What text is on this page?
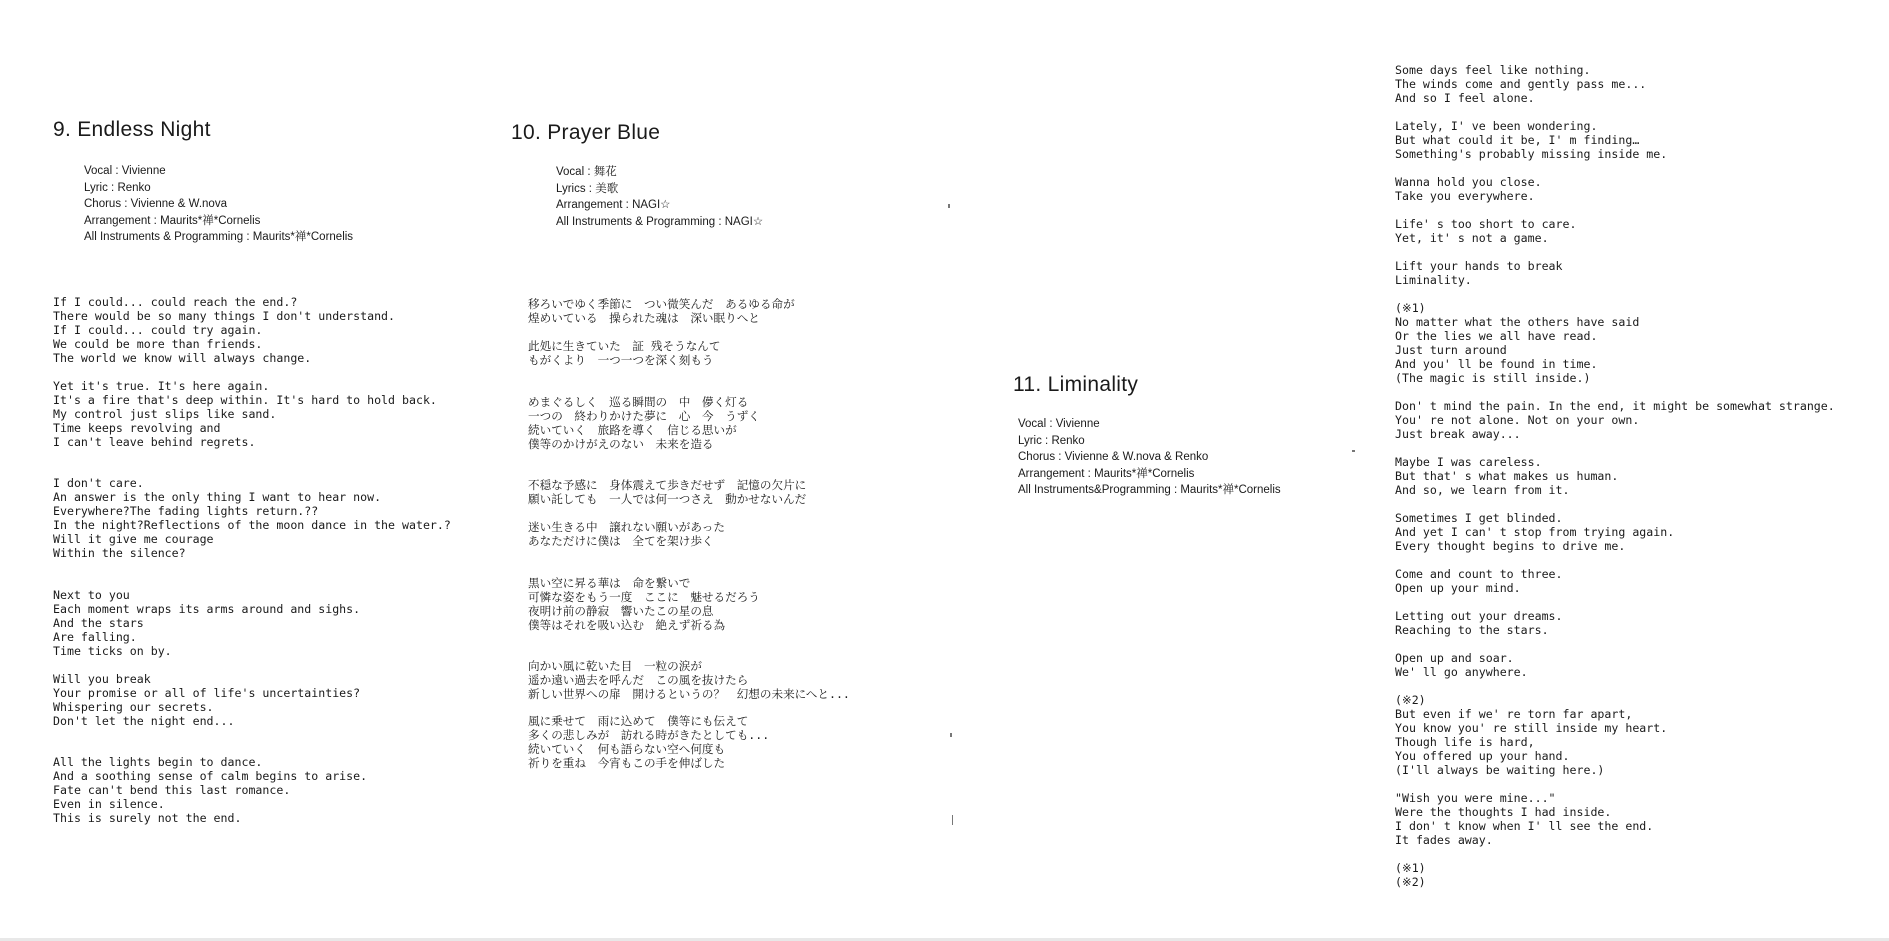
9. Endless Night
Vocal : Vivienne
Lyric : Renko
Chorus : Vivienne & W.nova
Arrangement : Maurits*禅*Cornelis
All Instruments & Programming : Maurits*禅*Cornelis

If I could... could reach the end.?
There would be so many things I don't understand.
If I could... could try again.
We could be more than friends.
The world we know will always change.

Yet it's true. It's here again.
It's a fire that's deep within. It's hard to hold back.
My control just slips like sand.
Time keeps revolving and
I can't leave behind regrets.

I don't care.
An answer is the only thing I want to hear now.
Everywhere?The fading lights return.??
In the night?Reflections of the moon dance in the water.?
Will it give me courage
Within the silence?

Next to you
Each moment wraps its arms around and sighs.
And the stars
Are falling.
Time ticks on by.

Will you break
Your promise or all of life's uncertainties?
Whispering our secrets.
Don't let the night end...

All the lights begin to dance.
And a soothing sense of calm begins to arise.
Fate can't bend this last romance.
Even in silence.
This is surely not the end.

10. Prayer Blue
Vocal : 舞花
Lyrics : 美歌
Arrangement : NAGI☆
All Instruments & Programming : NAGI☆

移ろいでゆく季節に　つい微笑んだ　あるゆる命が
煌めいている　操られた魂は　深い眠りへと

此処に生きていた　証 残そうなんて
もがくより　一つ一つを深く刻もう

めまぐるしく　巡る瞬間の　中　儚く灯る
一つの　終わりかけた夢に　心　今　うずく
続いていく　旅路を導く　信じる思いが
僕等のかけがえのない　未来を造る

不穏な予感に　身体震えて歩きだせず　記憶の欠片に
願い託しても　一人では何一つさえ　動かせないんだ

迷い生きる中　譲れない願いがあった
あなただけに僕は　全てを架け歩く

黒い空に昇る華は　命を繋いで
可憐な姿をもう一度　ここに　魅せるだろう
夜明け前の静寂　響いたこの星の息
僕等はそれを吸い込む　絶えず祈る為

向かい風に乾いた目　一粒の涙が
遥か遠い過去を呼んだ　この風を抜けたら
新しい世界への扉　開けるというの？　幻想の未来にへと...

風に乗せて　雨に込めて　僕等にも伝えて
多くの悲しみが　訪れる時がきたとしても...
続いていく　何も語らない空へ何度も
祈りを重ね　今宵もこの手を伸ばした

11. Liminality
Vocal : Vivienne
Lyric : Renko
Chorus : Vivienne & W.nova & Renko
Arrangement : Maurits*禅*Cornelis
All Instruments&Programming : Maurits*禅*Cornelis

Some days feel like nothing.
The winds come and gently pass me...
And so I feel alone.

Lately, I' ve been wondering.
But what could it be, I' m finding…
Something's probably missing inside me.

Wanna hold you close.
Take you everywhere.

Life' s too short to care.
Yet, it' s not a game.

Lift your hands to break
Liminality.

(※1)
No matter what the others have said
Or the lies we all have read.
Just turn around
And you' ll be found in time.
(The magic is still inside.)

Don' t mind the pain. In the end, it might be somewhat strange.
You' re not alone. Not on your own.
Just break away...

Maybe I was careless.
But that' s what makes us human.
And so, we learn from it.

Sometimes I get blinded.
And yet I can' t stop from trying again.
Every thought begins to drive me.

Come and count to three.
Open up your mind.

Letting out your dreams.
Reaching to the stars.

Open up and soar.
We' ll go anywhere.

(※2)
But even if we' re torn far apart,
You know you' re still inside my heart.
Though life is hard,
You offered up your hand.
(I'll always be waiting here.)

"Wish you were mine..."
Were the thoughts I had inside.
I don' t know when I' ll see the end.
It fades away.

(※1)
(※2)
